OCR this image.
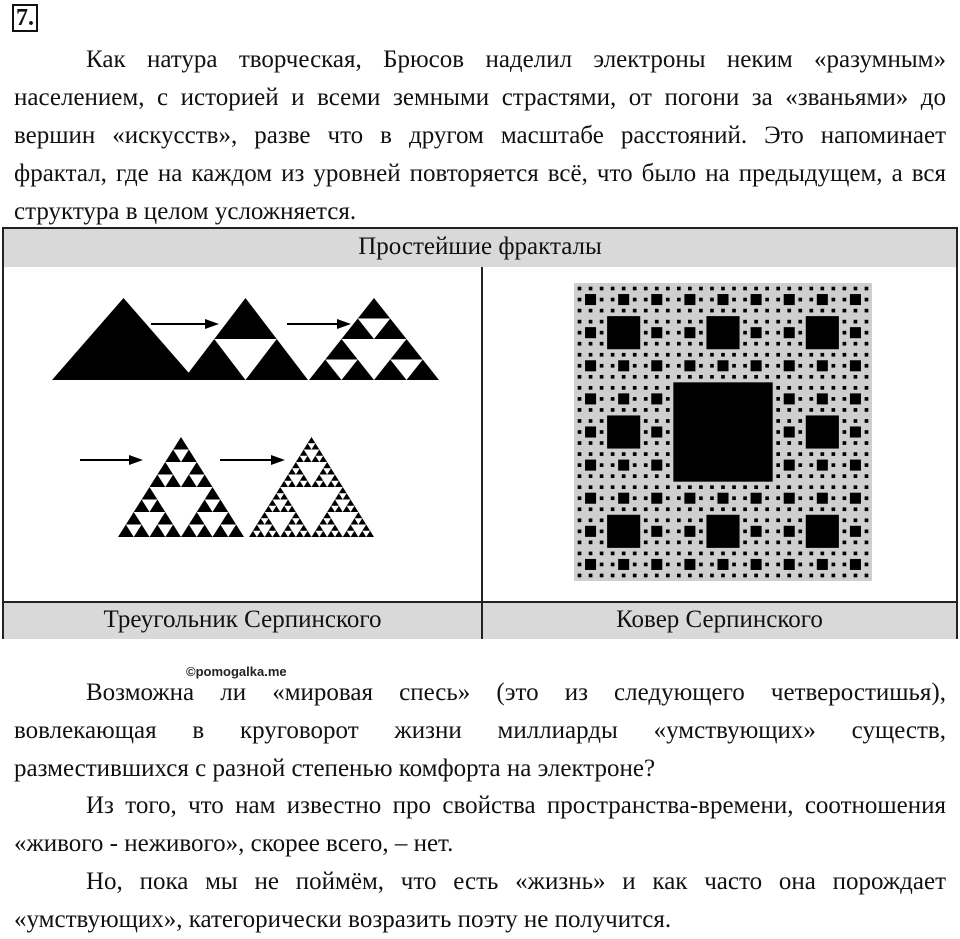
7.

Как натура творческая, Брюсов наделил электроны неким «разумным» населением, с историей и всеми земными страстями, от погони за «званьями» до вершин «искусств», разве что в другом масштабе расстояний. Это напоминает фрактал, где на каждом из уровней повторяется всё, что было на предыдущем, а вся структура в целом усложняется.

Простейшие фракталы
Треугольник Серпинского	Ковер Серпинского
©pomogalka.me

Возможна ли «мировая спесь» (это из следующего четверостишья), вовлекающая в круговорот жизни миллиарды «умствующих» существ, разместившихся с разной степенью комфорта на электроне?

Из того, что нам известно про свойства пространства-времени, соотношения «живого - неживого», скорее всего, – нет.

Но, пока мы не поймём, что есть «жизнь» и как часто она порождает «умствующих», категорически возразить поэту не получится.
